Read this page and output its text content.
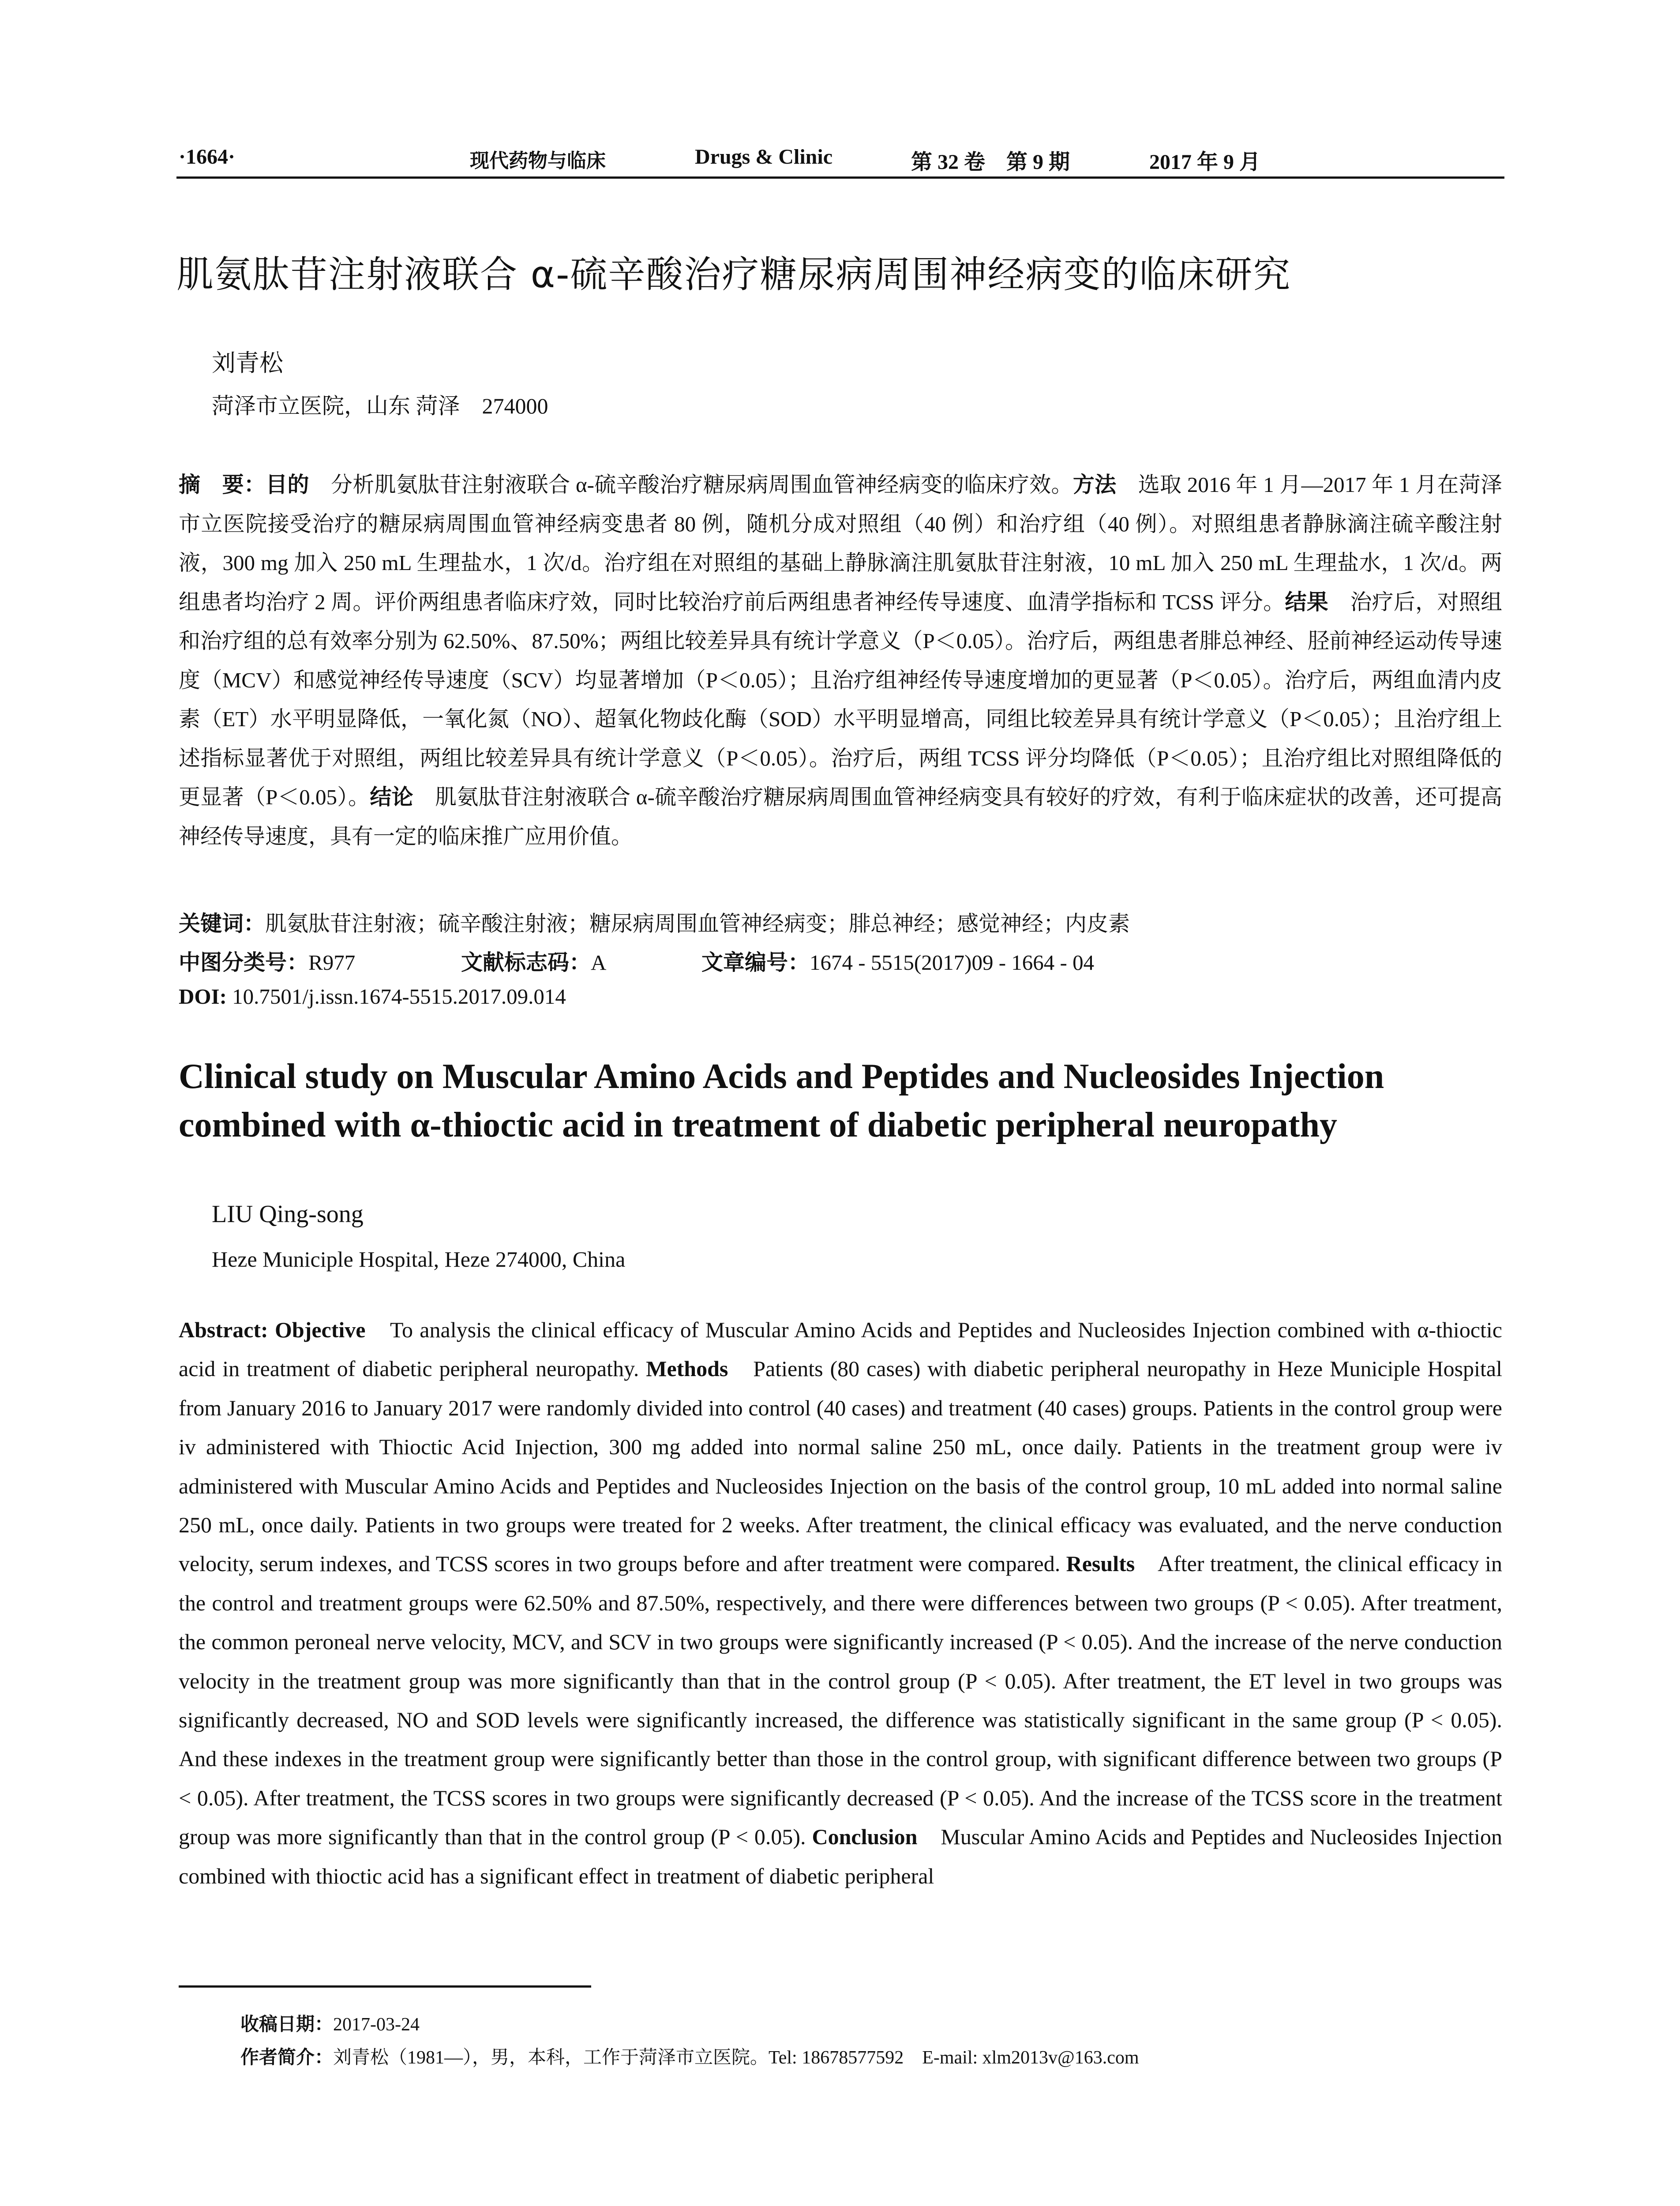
·1664·	现代药物与临床	Drugs & Clinic	第 32 卷　第 9 期	2017 年 9 月
肌氨肽苷注射液联合 α-硫辛酸治疗糖尿病周围神经病变的临床研究
刘青松
菏泽市立医院，山东 菏泽　274000
摘　要：目的　分析肌氨肽苷注射液联合 α-硫辛酸治疗糖尿病周围血管神经病变的临床疗效。方法　选取 2016 年 1 月—2017 年 1 月在菏泽市立医院接受治疗的糖尿病周围血管神经病变患者 80 例，随机分成对照组（40 例）和治疗组（40 例）。对照组患者静脉滴注硫辛酸注射液，300 mg 加入 250 mL 生理盐水，1 次/d。治疗组在对照组的基础上静脉滴注肌氨肽苷注射液，10 mL 加入 250 mL 生理盐水，1 次/d。两组患者均治疗 2 周。评价两组患者临床疗效，同时比较治疗前后两组患者神经传导速度、血清学指标和 TCSS 评分。结果　治疗后，对照组和治疗组的总有效率分别为 62.50%、87.50%；两组比较差异具有统计学意义（P＜0.05）。治疗后，两组患者腓总神经、胫前神经运动传导速度（MCV）和感觉神经传导速度（SCV）均显著增加（P＜0.05）；且治疗组神经传导速度增加的更显著（P＜0.05）。治疗后，两组血清内皮素（ET）水平明显降低，一氧化氮（NO）、超氧化物歧化酶（SOD）水平明显增高，同组比较差异具有统计学意义（P＜0.05）；且治疗组上述指标显著优于对照组，两组比较差异具有统计学意义（P＜0.05）。治疗后，两组 TCSS 评分均降低（P＜0.05）；且治疗组比对照组降低的更显著（P＜0.05）。结论　肌氨肽苷注射液联合 α-硫辛酸治疗糖尿病周围血管神经病变具有较好的疗效，有利于临床症状的改善，还可提高神经传导速度，具有一定的临床推广应用价值。
关键词：肌氨肽苷注射液；硫辛酸注射液；糖尿病周围血管神经病变；腓总神经；感觉神经；内皮素
中图分类号：R977	文献标志码：A	文章编号：1674 - 5515(2017)09 - 1664 - 04
DOI: 10.7501/j.issn.1674-5515.2017.09.014
Clinical study on Muscular Amino Acids and Peptides and Nucleosides Injection
combined with α-thioctic acid in treatment of diabetic peripheral neuropathy
LIU Qing-song
Heze Municiple Hospital, Heze 274000, China
Abstract: Objective　To analysis the clinical efficacy of Muscular Amino Acids and Peptides and Nucleosides Injection combined with α-thioctic acid in treatment of diabetic peripheral neuropathy. Methods　Patients (80 cases) with diabetic peripheral neuropathy in Heze Municiple Hospital from January 2016 to January 2017 were randomly divided into control (40 cases) and treatment (40 cases) groups. Patients in the control group were iv administered with Thioctic Acid Injection, 300 mg added into normal saline 250 mL, once daily. Patients in the treatment group were iv administered with Muscular Amino Acids and Peptides and Nucleosides Injection on the basis of the control group, 10 mL added into normal saline 250 mL, once daily. Patients in two groups were treated for 2 weeks. After treatment, the clinical efficacy was evaluated, and the nerve conduction velocity, serum indexes, and TCSS scores in two groups before and after treatment were compared. Results　After treatment, the clinical efficacy in the control and treatment groups were 62.50% and 87.50%, respectively, and there were differences between two groups (P < 0.05). After treatment, the common peroneal nerve velocity, MCV, and SCV in two groups were significantly increased (P < 0.05). And the increase of the nerve conduction velocity in the treatment group was more significantly than that in the control group (P < 0.05). After treatment, the ET level in two groups was significantly decreased, NO and SOD levels were significantly increased, the difference was statistically significant in the same group (P < 0.05). And these indexes in the treatment group were significantly better than those in the control group, with significant difference between two groups (P < 0.05). After treatment, the TCSS scores in two groups were significantly decreased (P < 0.05). And the increase of the TCSS score in the treatment group was more significantly than that in the control group (P < 0.05). Conclusion　Muscular Amino Acids and Peptides and Nucleosides Injection combined with thioctic acid has a significant effect in treatment of diabetic peripheral
收稿日期：2017-03-24
作者简介：刘青松（1981—），男，本科，工作于菏泽市立医院。Tel: 18678577592　E-mail: xlm2013v@163.com
